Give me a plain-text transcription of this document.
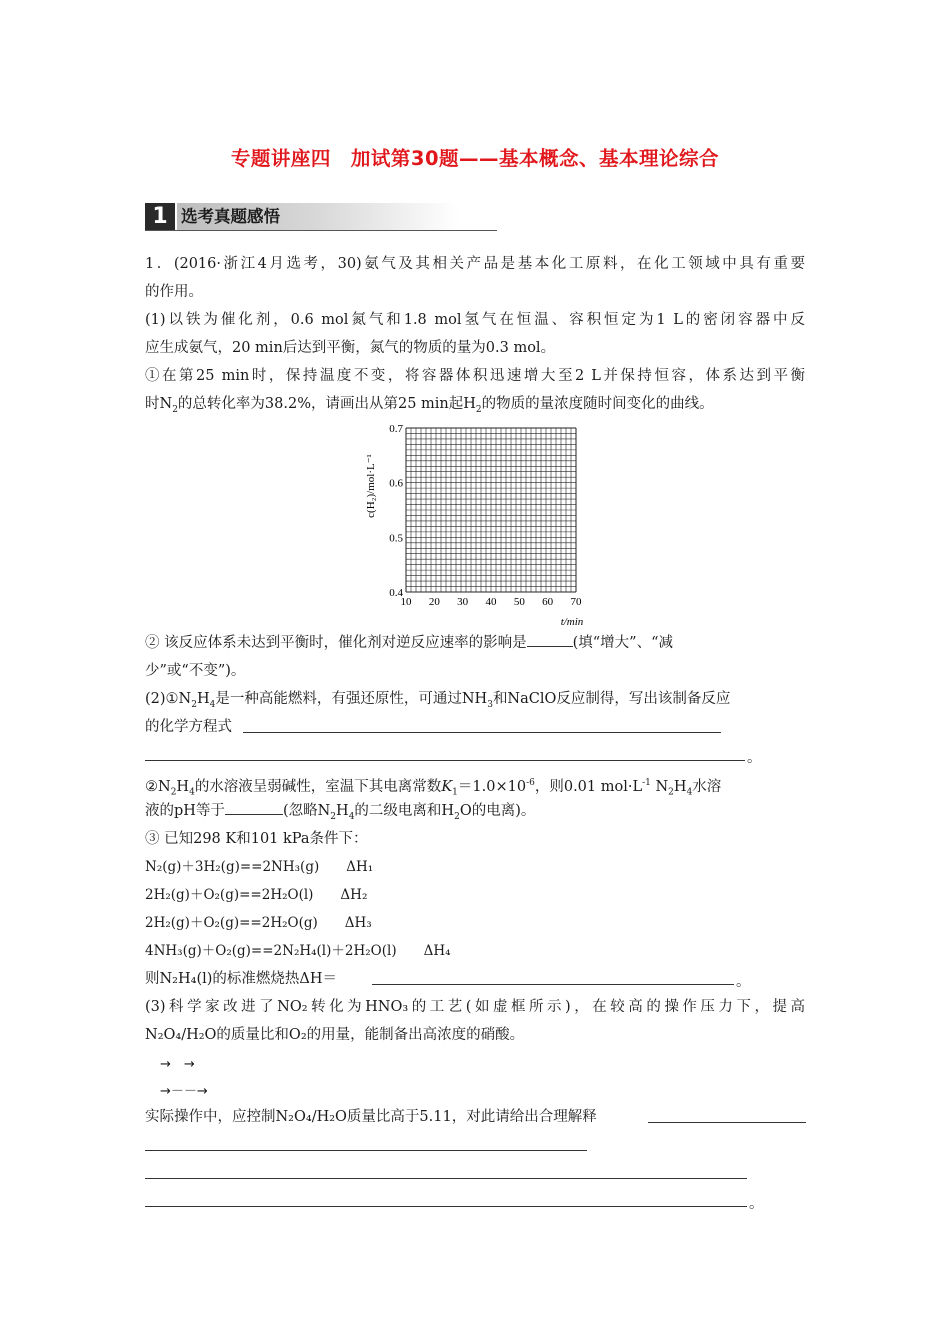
专题讲座四　加试第30题——基本概念、基本理论综合
1 选考真题感悟
1．(2016·浙江4月选考，30)氨气及其相关产品是基本化工原料，在化工领域中具有重要
的作用。
(1)以铁为催化剂，0.6 mol氮气和1.8 mol氢气在恒温、容积恒定为1 L的密闭容器中反
应生成氨气，20 min后达到平衡，氮气的物质的量为0.3 mol。
①在第25 min时，保持温度不变，将容器体积迅速增大至2 L并保持恒容，体系达到平衡
时$N_2$的总转化率为38.2%，请画出从第25 min起$H_2$的物质的量浓度随时间变化的曲线。
10 20 30 40 50 60 70
0.4
0.5
0.6
0.7
c(H₂)/mol·L⁻¹
t/min
② 该反应体系未达到平衡时，催化剂对逆反应速率的影响是	(填“增大”、“减
少”或“不变”)。
$(2)①N_2H_4$是一种高能燃料，有强还原性，可通过$NH_3$和NaClO反应制得，写出该制备反应
的化学方程式
。
$②N_2H_4$的水溶液呈弱碱性，室温下其电离常数$K_1=1.0\times 10^{-6}$，则0.01 $mol\cdot L^{-1}$ $N_2H_4$水溶
液的pH等于	(忽略$N_2H_4$的二级电离和$H_2O$的电离)。
③ 已知298 K和101 kPa条件下：
N₂(g)＋3H₂(g)==2NH₃(g)　　ΔH₁
2H₂(g)＋O₂(g)==2H₂O(l)　　ΔH₂
2H₂(g)＋O₂(g)==2H₂O(g)　　ΔH₃
4NH₃(g)＋O₂(g)==2N₂H₄(l)＋2H₂O(l)　　ΔH₄
则N₂H₄(l)的标准燃烧热ΔH＝	。
(3)科学家改进了NO₂转化为HNO₃的工艺(如虚框所示)，在较高的操作压力下，提高
N₂O₄/H₂O的质量比和O₂的用量，能制备出高浓度的硝酸。
→　→
→－－→
实际操作中，应控制N₂O₄/H₂O质量比高于5.11，对此请给出合理解释
。
